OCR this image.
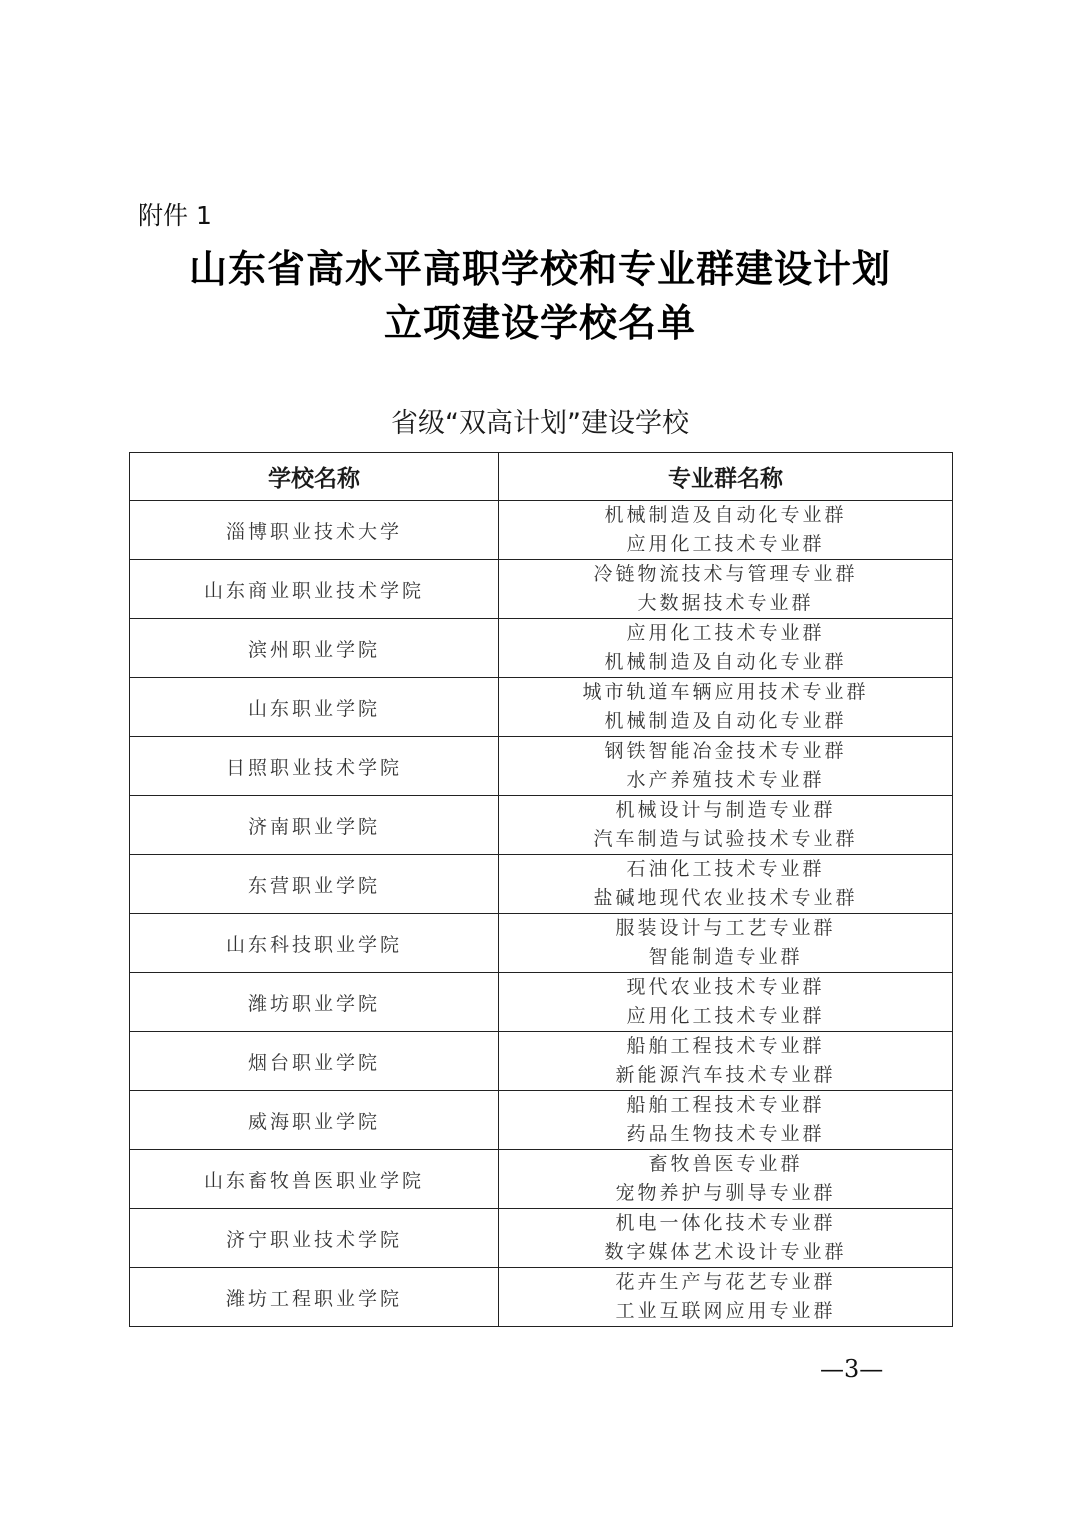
附件 1
山东省高水平高职学校和专业群建设计划
立项建设学校名单
省级“双高计划”建设学校
学校名称	专业群名称
淄博职业技术大学	机械制造及自动化专业群
应用化工技术专业群

山东商业职业技术学院	冷链物流技术与管理专业群
大数据技术专业群

滨州职业学院	应用化工技术专业群
机械制造及自动化专业群

山东职业学院	城市轨道车辆应用技术专业群
机械制造及自动化专业群

日照职业技术学院	钢铁智能冶金技术专业群
水产养殖技术专业群

济南职业学院	机械设计与制造专业群
汽车制造与试验技术专业群

东营职业学院	石油化工技术专业群
盐碱地现代农业技术专业群

山东科技职业学院	服装设计与工艺专业群
智能制造专业群

潍坊职业学院	现代农业技术专业群
应用化工技术专业群

烟台职业学院	船舶工程技术专业群
新能源汽车技术专业群

威海职业学院	船舶工程技术专业群
药品生物技术专业群

山东畜牧兽医职业学院	畜牧兽医专业群
宠物养护与驯导专业群

济宁职业技术学院	机电一体化技术专业群
数字媒体艺术设计专业群

潍坊工程职业学院	花卉生产与花艺专业群
工业互联网应用专业群
—3—
